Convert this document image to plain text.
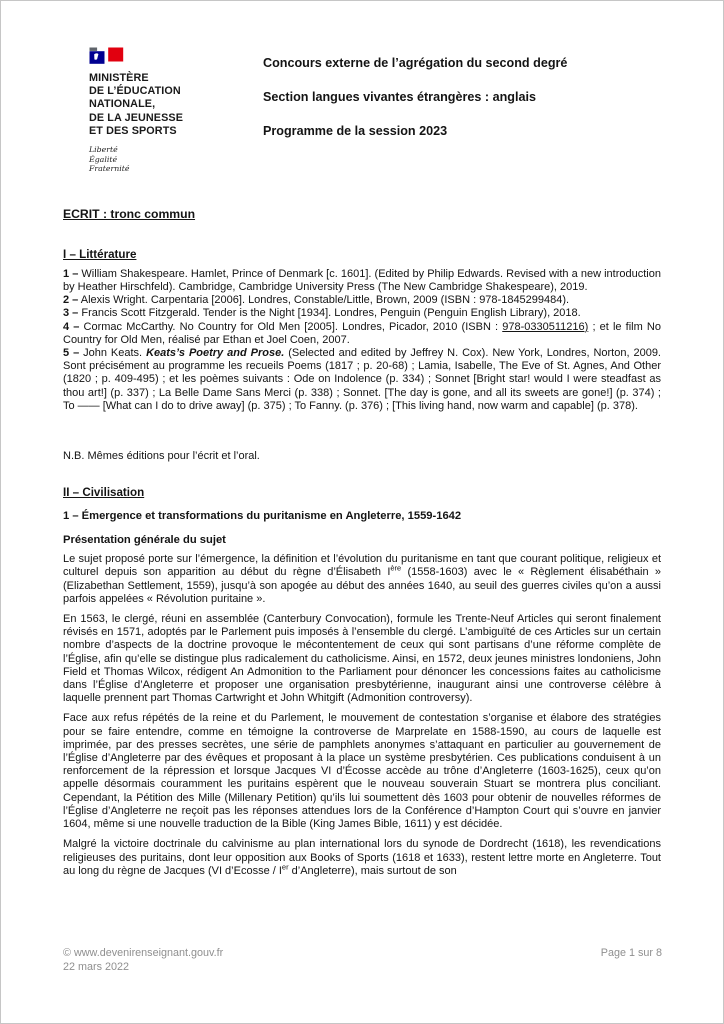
MINISTÈRE
DE L’ÉDUCATION
NATIONALE,
DE LA JEUNESSE
ET DES SPORTS
Liberté
Égalité
Fraternité
Concours externe de l’agrégation du second degré
Section langues vivantes étrangères : anglais
Programme de la session 2023

ECRIT : tronc commun

I – Littérature

1 – William Shakespeare. Hamlet, Prince of Denmark [c. 1601]. (Edited by Philip Edwards. Revised with a new introduction by Heather Hirschfeld). Cambridge, Cambridge University Press (The New Cambridge Shakespeare), 2019.

2 – Alexis Wright. Carpentaria [2006]. Londres, Constable/Little, Brown, 2009 (ISBN : 978-1845299484).

3 – Francis Scott Fitzgerald. Tender is the Night [1934]. Londres, Penguin (Penguin English Library), 2018.

4 – Cormac McCarthy. No Country for Old Men [2005]. Londres, Picador, 2010 (ISBN : 978-0330511216) ; et le film No Country for Old Men, réalisé par Ethan et Joel Coen, 2007.

5 – John Keats. Keats’s Poetry and Prose. (Selected and edited by Jeffrey N. Cox). New York, Londres, Norton, 2009. Sont précisément au programme les recueils Poems (1817 ; p. 20-68) ; Lamia, Isabelle, The Eve of St. Agnes, And Other (1820 ; p. 409-495) ; et les poèmes suivants : Ode on Indolence (p. 334) ; Sonnet [Bright star! would I were steadfast as thou art!] (p. 337) ; La Belle Dame Sans Merci (p. 338) ; Sonnet. [The day is gone, and all its sweets are gone!] (p. 374) ; To —— [What can I do to drive away] (p. 375) ; To Fanny. (p. 376) ; [This living hand, now warm and capable] (p. 378).

N.B. Mêmes éditions pour l’écrit et l’oral.

II – Civilisation

1 – Émergence et transformations du puritanisme en Angleterre, 1559-1642

Présentation générale du sujet

Le sujet proposé porte sur l’émergence, la définition et l’évolution du puritanisme en tant que courant politique, religieux et culturel depuis son apparition au début du règne d’Élisabeth Ière (1558-1603) avec le « Règlement élisabéthain » (Elizabethan Settlement, 1559), jusqu’à son apogée au début des années 1640, au seuil des guerres civiles qu’on a aussi parfois appelées « Révolution puritaine ».

En 1563, le clergé, réuni en assemblée (Canterbury Convocation), formule les Trente-Neuf Articles qui seront finalement révisés en 1571, adoptés par le Parlement puis imposés à l’ensemble du clergé. L’ambiguïté de ces Articles sur un certain nombre d’aspects de la doctrine provoque le mécontentement de ceux qui sont partisans d’une réforme complète de l’Église, afin qu’elle se distingue plus radicalement du catholicisme. Ainsi, en 1572, deux jeunes ministres londoniens, John Field et Thomas Wilcox, rédigent An Admonition to the Parliament pour dénoncer les concessions faites au catholicisme dans l’Église d’Angleterre et proposer une organisation presbytérienne, inaugurant ainsi une controverse célèbre à laquelle prennent part Thomas Cartwright et John Whitgift (Admonition controversy).

Face aux refus répétés de la reine et du Parlement, le mouvement de contestation s’organise et élabore des stratégies pour se faire entendre, comme en témoigne la controverse de Marprelate en 1588-1590, au cours de laquelle est imprimée, par des presses secrètes, une série de pamphlets anonymes s’attaquant en particulier au gouvernement de l’Église d’Angleterre par des évêques et proposant à la place un système presbytérien. Ces publications conduisent à un renforcement de la répression et lorsque Jacques VI d’Écosse accède au trône d’Angleterre (1603-1625), ceux qu’on appelle désormais couramment les puritains espèrent que le nouveau souverain Stuart se montrera plus conciliant. Cependant, la Pétition des Mille (Millenary Petition) qu’ils lui soumettent dès 1603 pour obtenir de nouvelles réformes de l’Église d’Angleterre ne reçoit pas les réponses attendues lors de la Conférence d’Hampton Court qui s’ouvre en janvier 1604, même si une nouvelle traduction de la Bible (King James Bible, 1611) y est décidée.

Malgré la victoire doctrinale du calvinisme au plan international lors du synode de Dordrecht (1618), les revendications religieuses des puritains, dont leur opposition aux Books of Sports (1618 et 1633), restent lettre morte en Angleterre. Tout au long du règne de Jacques (VI d’Ecosse / Ier d’Angleterre), mais surtout de son

© www.devenirenseignant.gouv.fr
22 mars 2022
Page 1 sur 8
